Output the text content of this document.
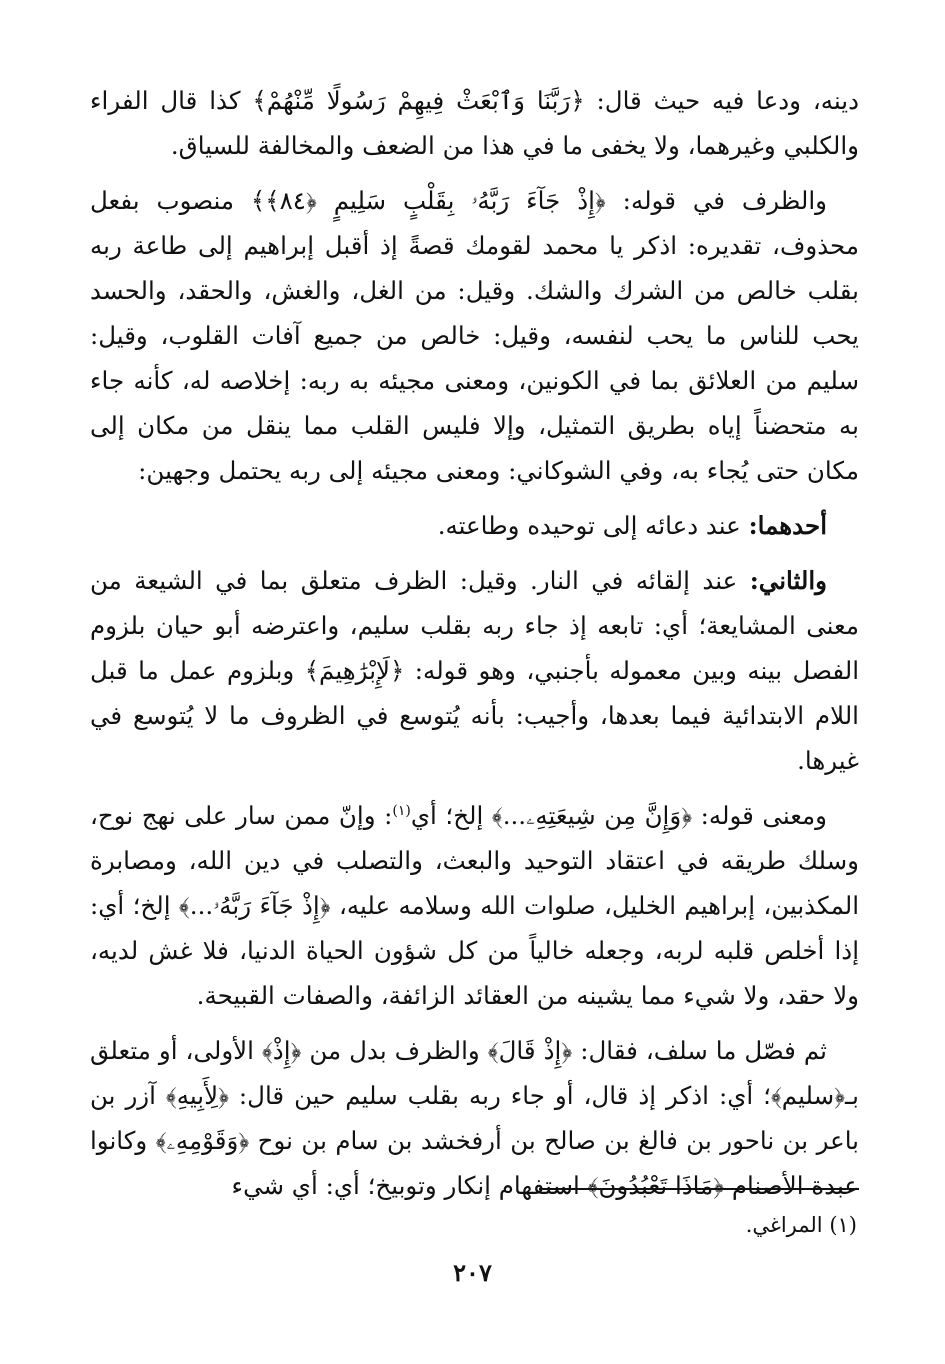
دينه، ودعا فيه حيث قال: ﴿رَبَّنَا وَٱبْعَثْ فِيهِمْ رَسُولًا مِّنْهُمْ﴾ كذا قال الفراء والكلبي وغيرهما، ولا يخفى ما في هذا من الضعف والمخالفة للسياق.

والظرف في قوله: ﴿إِذْ جَآءَ رَبَّهُۥ بِقَلْبٍ سَلِيمٍ ﴿٨٤﴾﴾ منصوب بفعل محذوف، تقديره: اذكر يا محمد لقومك قصةً إذ أقبل إبراهيم إلى طاعة ربه بقلب خالص من الشرك والشك. وقيل: من الغل، والغش، والحقد، والحسد يحب للناس ما يحب لنفسه، وقيل: خالص من جميع آفات القلوب، وقيل: سليم من العلائق بما في الكونين، ومعنى مجيئه به ربه: إخلاصه له، كأنه جاء به متحضناً إياه بطريق التمثيل، وإلا فليس القلب مما ينقل من مكان إلى مكان حتى يُجاء به، وفي الشوكاني: ومعنى مجيئه إلى ربه يحتمل وجهين:

أحدهما: عند دعائه إلى توحيده وطاعته.

والثاني: عند إلقائه في النار. وقيل: الظرف متعلق بما في الشيعة من معنى المشايعة؛ أي: تابعه إذ جاء ربه بقلب سليم، واعترضه أبو حيان بلزوم الفصل بينه وبين معموله بأجنبي، وهو قوله: ﴿لَإِبْرَٰهِيمَ﴾ وبلزوم عمل ما قبل اللام الابتدائية فيما بعدها، وأجيب: بأنه يُتوسع في الظروف ما لا يُتوسع في غيرها.

ومعنى قوله: ﴿وَإِنَّ مِن شِيعَتِهِۦ...﴾ إلخ؛ أي$^{(١)}$: وإنّ ممن سار على نهج نوح، وسلك طريقه في اعتقاد التوحيد والبعث، والتصلب في دين الله، ومصابرة المكذبين، إبراهيم الخليل، صلوات الله وسلامه عليه، ﴿إِذْ جَآءَ رَبَّهُۥ...﴾ إلخ؛ أي: إذا أخلص قلبه لربه، وجعله خالياً من كل شؤون الحياة الدنيا، فلا غش لديه، ولا حقد، ولا شيء مما يشينه من العقائد الزائفة، والصفات القبيحة.

ثم فصّل ما سلف، فقال: ﴿إِذْ قَالَ﴾ والظرف بدل من ﴿إِذْ﴾ الأولى، أو متعلق بـ﴿سليم﴾؛ أي: اذكر إذ قال، أو جاء ربه بقلب سليم حين قال: ﴿لِأَبِيهِ﴾ آزر بن باعر بن ناحور بن فالغ بن صالح بن أرفخشد بن سام بن نوح ﴿وَقَوْمِهِۦ﴾ وكانوا عبدة الأصنام ﴿مَاذَا تَعْبُدُونَ﴾ استفهام إنكار وتوبيخ؛ أي: أي شيء

(١) المراغي.

٢٠٧
